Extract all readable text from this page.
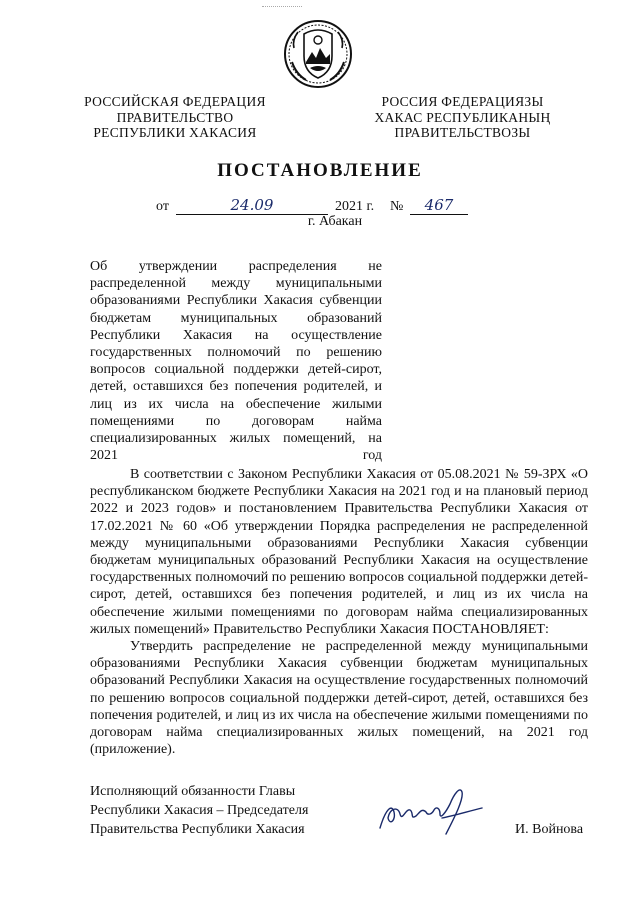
РОССИЙСКАЯ ФЕДЕРАЦИЯ
ПРАВИТЕЛЬСТВО
РЕСПУБЛИКИ ХАКАСИЯ
РОССИЯ ФЕДЕРАЦИЯЗЫ
ХАКАС РЕСПУБЛИКАНЫҢ
ПРАВИТЕЛЬСТВОЗЫ
ПОСТАНОВЛЕНИЕ
от	24.09	2021 г. №	467
г. Абакан
Об утверждении распределения не распределенной между муниципальными образованиями Республики Хакасия субвенции бюджетам муниципальных образований Республики Хакасия на осуществление государственных полномочий по решению вопросов социальной поддержки детей-сирот, детей, оставшихся без попечения родителей, и лиц из их числа на обеспечение жилыми помещениями по договорам найма специализированных жилых помещений, на 2021 год

В соответствии с Законом Республики Хакасия от 05.08.2021 № 59-ЗРХ «О республиканском бюджете Республики Хакасия на 2021 год и на плановый период 2022 и 2023 годов» и постановлением Правительства Республики Хакасия от 17.02.2021 № 60 «Об утверждении Порядка распределения не распределенной между муниципальными образованиями Республики Хакасия субвенции бюджетам муниципальных образований Республики Хакасия на осуществление государственных полномочий по решению вопросов социальной поддержки детей-сирот, детей, оставшихся без попечения родителей, и лиц из их числа на обеспечение жилыми помещениями по договорам найма специализированных жилых помещений» Правительство Республики Хакасия ПОСТАНОВЛЯЕТ:

Утвердить распределение не распределенной между муниципальными образованиями Республики Хакасия субвенции бюджетам муниципальных образований Республики Хакасия на осуществление государственных полномочий по решению вопросов социальной поддержки детей-сирот, детей, оставшихся без попечения родителей, и лиц из их числа на обеспечение жилыми помещениями по договорам найма специализированных жилых помещений, на 2021 год (приложение).

Исполняющий обязанности Главы
Республики Хакасия – Председателя
Правительства Республики Хакасия	И. Войнова
